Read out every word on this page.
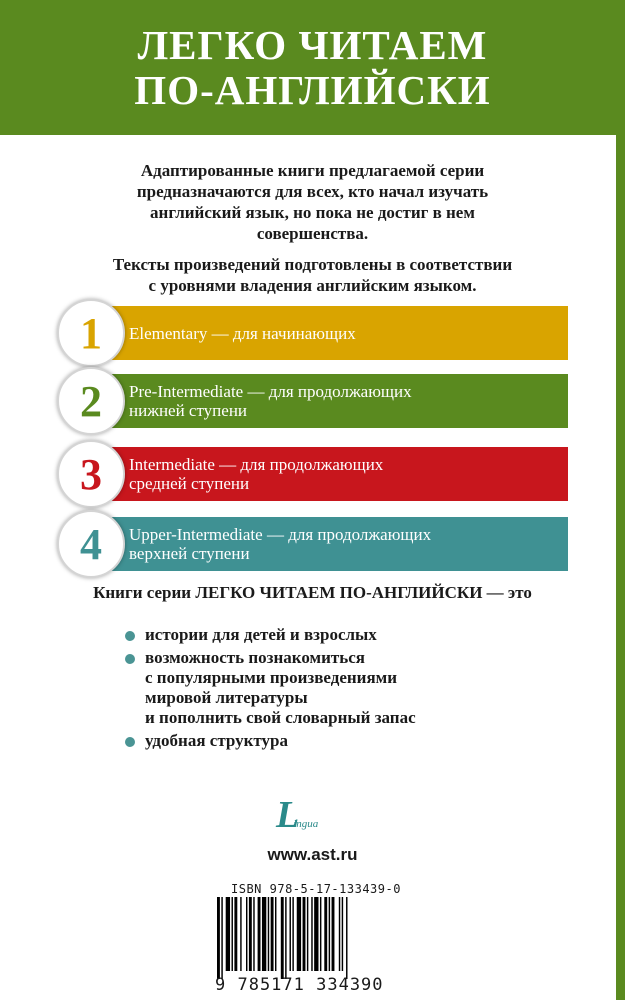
ЛЕГКО ЧИТАЕМ
ПО-АНГЛИЙСКИ

Адаптированные книги предлагаемой серии
предназначаются для всех, кто начал изучать
английский язык, но пока не достиг в нем
совершенства.

Тексты произведений подготовлены в соответствии
с уровнями владения английским языком.

Elementary — для начинающих
1
Pre-Intermediate — для продолжающих
нижней ступени
2
Intermediate — для продолжающих
средней ступени
3
Upper-Intermediate — для продолжающих
верхней ступени
4
Книги серии ЛЕГКО ЧИТАЕМ ПО-АНГЛИЙСКИ — это
истории для детей и взрослых
возможность познакомиться
с популярными произведениями
мировой литературы
и пополнить свой словарный запас
удобная структура
Lingua
www.ast.ru
ISBN 978-5-17-133439-0
9 785171 334390
